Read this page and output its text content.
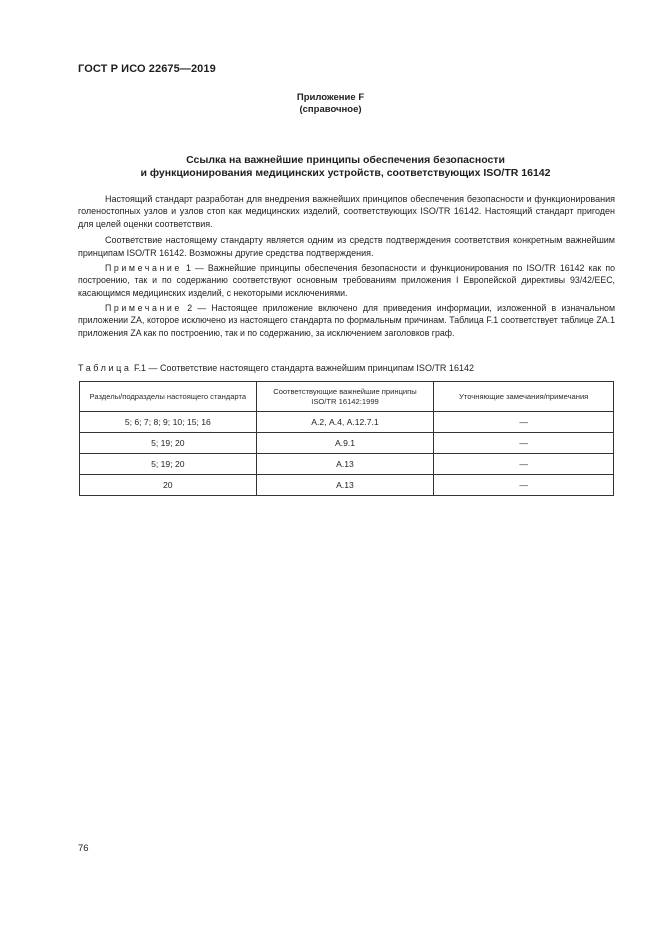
ГОСТ Р ИСО 22675—2019
Приложение F
(справочное)
Ссылка на важнейшие принципы обеспечения безопасности
и функционирования медицинских устройств, соответствующих ISO/TR 16142

Настоящий стандарт разработан для внедрения важнейших принципов обеспечения безопасности и функционирования голеностопных узлов и узлов стоп как медицинских изделий, соответствующих ISO/TR 16142. Настоящий стандарт пригоден для целей оценки соответствия.

Соответствие настоящему стандарту является одним из средств подтверждения соответствия конкретным важнейшим принципам ISO/TR 16142. Возможны другие средства подтверждения.

Примечание 1 — Важнейшие принципы обеспечения безопасности и функционирования по ISO/TR 16142 как по построению, так и по содержанию соответствуют основным требованиям приложения I Европейской директивы 93/42/ЕЕС, касающимся медицинских изделий, с некоторыми исключениями.

Примечание 2 — Настоящее приложение включено для приведения информации, изложенной в изначальном приложении ZA, которое исключено из настоящего стандарта по формальным причинам. Таблица F.1 соответствует таблице ZA.1 приложения ZA как по построению, так и по содержанию, за исключением заголовков граф.

Таблица F.1 — Соответствие настоящего стандарта важнейшим принципам ISO/TR 16142
Разделы/подразделы настоящего стандарта	Соответствующие важнейшие принципы ISO/TR 16142:1999	Уточняющие замечания/примечания
5; 6; 7; 8; 9; 10; 15; 16	А.2, А.4, А.12.7.1	—
5; 19; 20	А.9.1	—
5; 19; 20	А.13	—
20	А.13	—
76
